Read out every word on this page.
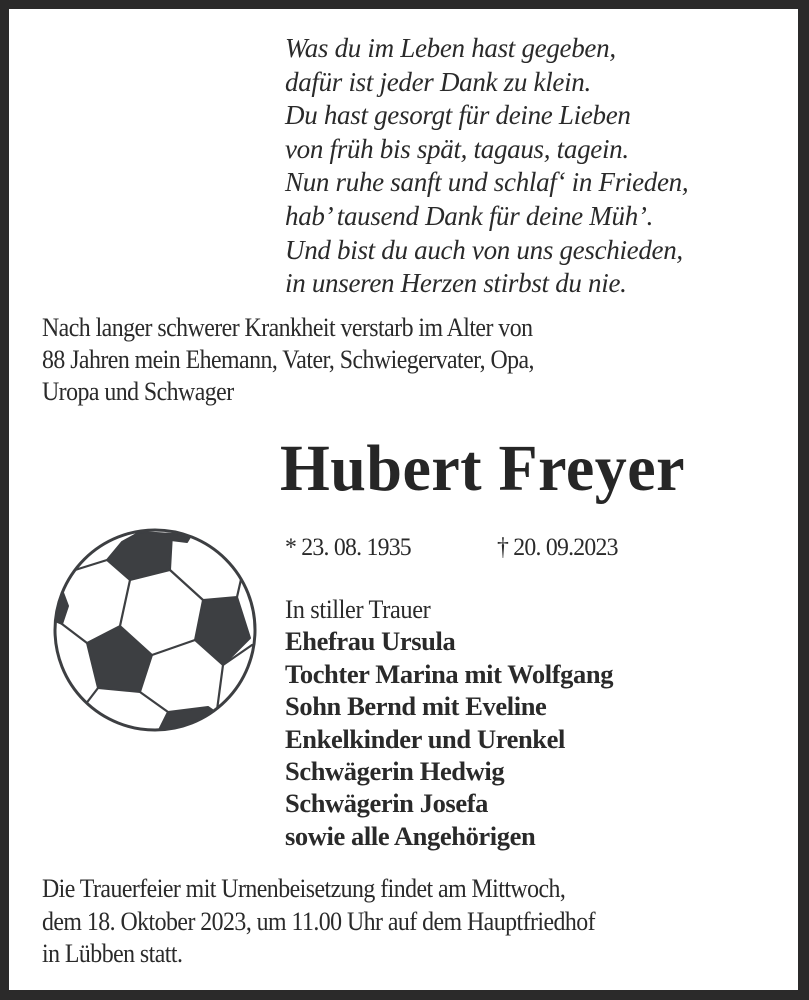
Was du im Leben hast gegeben,
dafür ist jeder Dank zu klein.
Du hast gesorgt für deine Lieben
von früh bis spät, tagaus, tagein.
Nun ruhe sanft und schlaf‘ in Frieden,
hab’ tausend Dank für deine Müh’.
Und bist du auch von uns geschieden,
in unseren Herzen stirbst du nie.
Nach langer schwerer Krankheit verstarb im Alter von
88 Jahren mein Ehemann, Vater, Schwiegervater, Opa,
Uropa und Schwager
Hubert Freyer
* 23. 08. 1935	† 20. 09.2023
In stiller Trauer
Ehefrau Ursula
Tochter Marina mit Wolfgang
Sohn Bernd mit Eveline
Enkelkinder und Urenkel
Schwägerin Hedwig
Schwägerin Josefa
sowie alle Angehörigen
Die Trauerfeier mit Urnenbeisetzung findet am Mittwoch,
dem 18. Oktober 2023, um 11.00 Uhr auf dem Hauptfriedhof
in Lübben statt.
